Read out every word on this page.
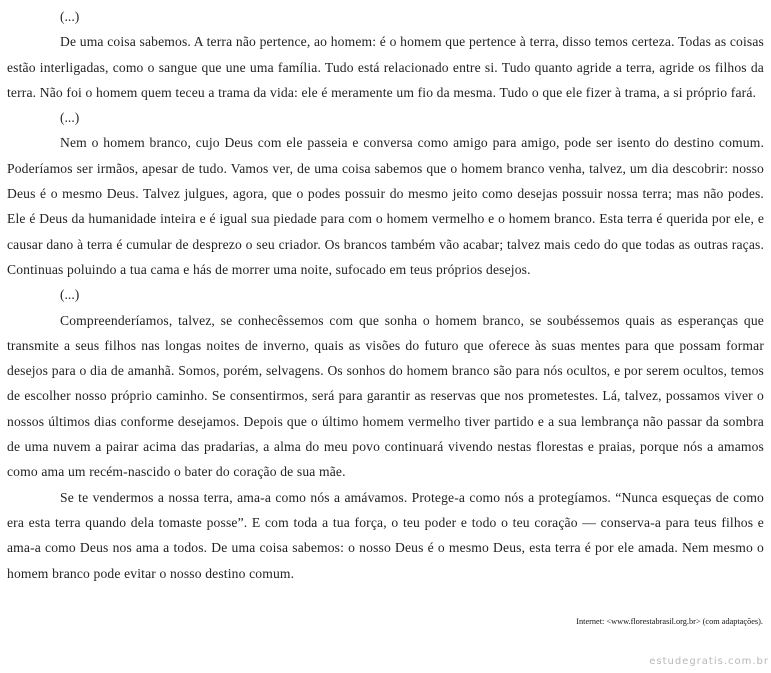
(...)

De uma coisa sabemos. A terra não pertence, ao homem: é o homem que pertence à terra, disso temos certeza. Todas as coisas estão interligadas, como o sangue que une uma família. Tudo está relacionado entre si. Tudo quanto agride a terra, agride os filhos da terra. Não foi o homem quem teceu a trama da vida: ele é meramente um fio da mesma. Tudo o que ele fizer à trama, a si próprio fará.

(...)

Nem o homem branco, cujo Deus com ele passeia e conversa como amigo para amigo, pode ser isento do destino comum. Poderíamos ser irmãos, apesar de tudo. Vamos ver, de uma coisa sabemos que o homem branco venha, talvez, um dia descobrir: nosso Deus é o mesmo Deus. Talvez julgues, agora, que o podes possuir do mesmo jeito como desejas possuir nossa terra; mas não podes. Ele é Deus da humanidade inteira e é igual sua piedade para com o homem vermelho e o homem branco. Esta terra é querida por ele, e causar dano à terra é cumular de desprezo o seu criador. Os brancos também vão acabar; talvez mais cedo do que todas as outras raças. Continuas poluindo a tua cama e hás de morrer uma noite, sufocado em teus próprios desejos.

(...)

Compreenderíamos, talvez, se conhecêssemos com que sonha o homem branco, se soubéssemos quais as esperanças que transmite a seus filhos nas longas noites de inverno, quais as visões do futuro que oferece às suas mentes para que possam formar desejos para o dia de amanhã. Somos, porém, selvagens. Os sonhos do homem branco são para nós ocultos, e por serem ocultos, temos de escolher nosso próprio caminho. Se consentirmos, será para garantir as reservas que nos prometestes. Lá, talvez, possamos viver o nossos últimos dias conforme desejamos. Depois que o último homem vermelho tiver partido e a sua lembrança não passar da sombra de uma nuvem a pairar acima das pradarias, a alma do meu povo continuará vivendo nestas florestas e praias, porque nós a amamos como ama um recém-nascido o bater do coração de sua mãe.

Se te vendermos a nossa terra, ama-a como nós a amávamos. Protege-a como nós a protegíamos. “Nunca esqueças de como era esta terra quando dela tomaste posse”. E com toda a tua força, o teu poder e todo o teu coração — conserva-a para teus filhos e ama-a como Deus nos ama a todos. De uma coisa sabemos: o nosso Deus é o mesmo Deus, esta terra é por ele amada. Nem mesmo o homem branco pode evitar o nosso destino comum.

Internet: <www.florestabrasil.org.br> (com adaptações).
estudegratis.com.br
